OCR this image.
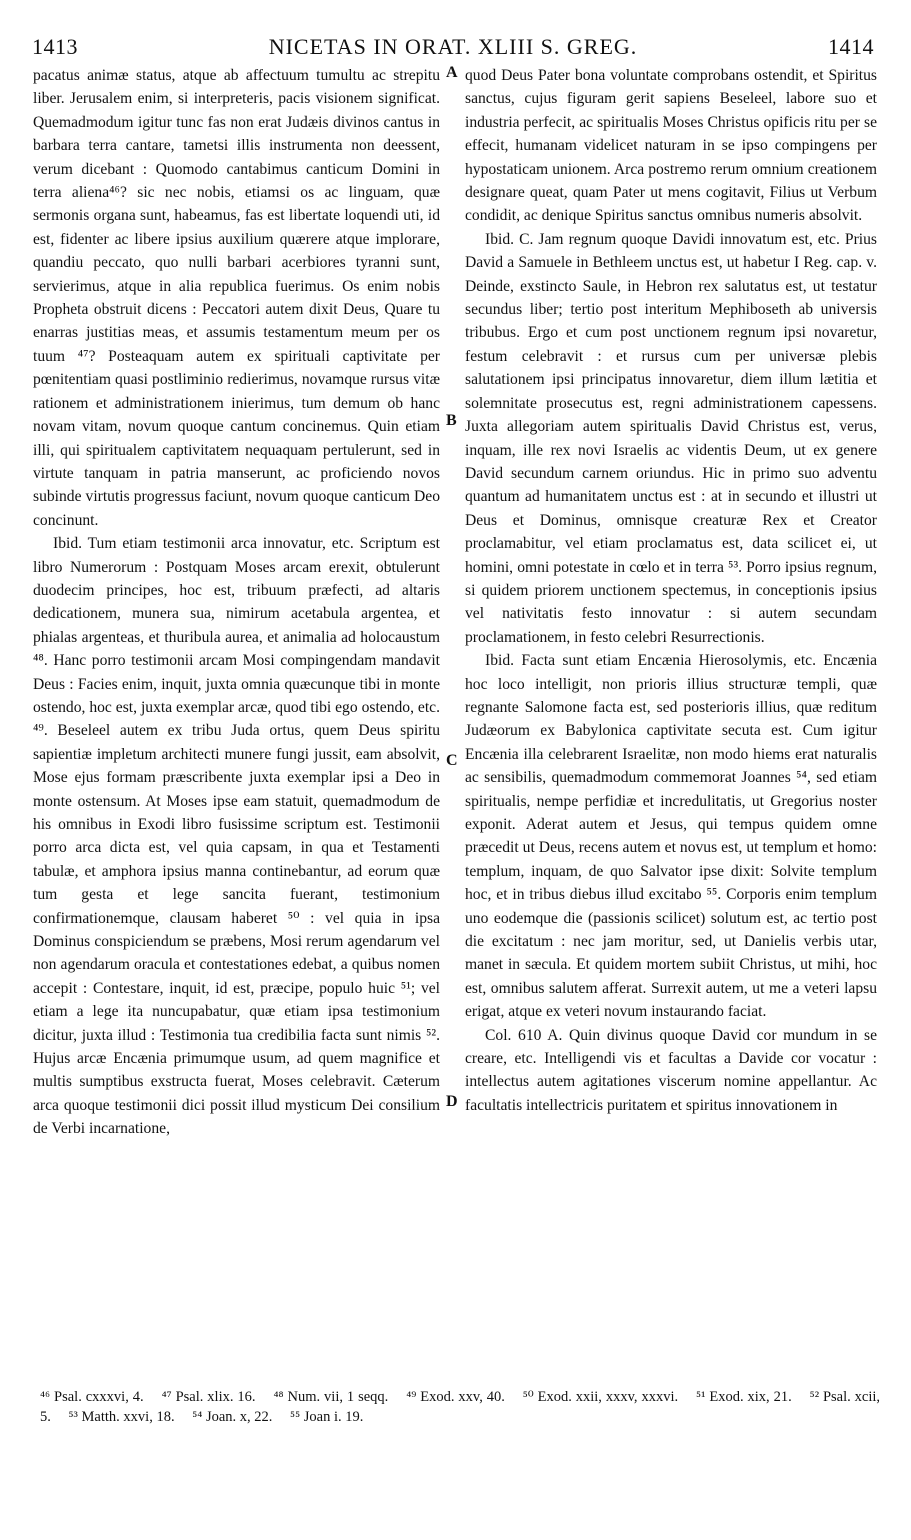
1413	NICETAS IN ORAT. XLIII S. GREG.	1414

pacatus animæ status, atque ab affectuum tumultu ac strepitu liber. Jerusalem enim, si interpreteris, pacis visionem significat. Quemadmodum igitur tunc fas non erat Judæis divinos cantus in barbara terra cantare, tametsi illis instrumenta non deessent, verum dicebant : Quomodo cantabimus canticum Domini in terra aliena⁴⁶? sic nec nobis, etiamsi os ac linguam, quæ sermonis organa sunt, habeamus, fas est libertate loquendi uti, id est, fidenter ac libere ipsius auxilium quærere atque implorare, quandiu peccato, quo nulli barbari acerbiores tyranni sunt, servierimus, atque in alia republica fuerimus. Os enim nobis Propheta obstruit dicens : Peccatori autem dixit Deus, Quare tu enarras justitias meas, et assumis testamentum meum per os tuum ⁴⁷? Posteaquam autem ex spirituali captivitate per pœnitentiam quasi postliminio redierimus, novamque rursus vitæ rationem et administrationem inierimus, tum demum ob hanc novam vitam, novum quoque cantum concinemus. Quin etiam illi, qui spiritualem captivitatem nequaquam pertulerunt, sed in virtute tanquam in patria manserunt, ac proficiendo novos subinde virtutis progressus faciunt, novum quoque canticum Deo concinunt.

Ibid. Tum etiam testimonii arca innovatur, etc. Scriptum est libro Numerorum : Postquam Moses arcam erexit, obtulerunt duodecim principes, hoc est, tribuum præfecti, ad altaris dedicationem, munera sua, nimirum acetabula argentea, et phialas argenteas, et thuribula aurea, et animalia ad holocaustum ⁴⁸. Hanc porro testimonii arcam Mosi compingendam mandavit Deus : Facies enim, inquit, juxta omnia quæcunque tibi in monte ostendo, hoc est, juxta exemplar arcæ, quod tibi ego ostendo, etc. ⁴⁹. Beseleel autem ex tribu Juda ortus, quem Deus spiritu sapientiæ impletum architecti munere fungi jussit, eam absolvit, Mose ejus formam præscribente juxta exemplar ipsi a Deo in monte ostensum. At Moses ipse eam statuit, quemadmodum de his omnibus in Exodi libro fusissime scriptum est. Testimonii porro arca dicta est, vel quia capsam, in qua et Testamenti tabulæ, et amphora ipsius manna continebantur, ad eorum quæ tum gesta et lege sancita fuerant, testimonium confirmationemque, clausam haberet ⁵⁰ : vel quia in ipsa Dominus conspiciendum se præbens, Mosi rerum agendarum vel non agendarum oracula et contestationes edebat, a quibus nomen accepit : Contestare, inquit, id est, præcipe, populo huic ⁵¹; vel etiam a lege ita nuncupabatur, quæ etiam ipsa testimonium dicitur, juxta illud : Testimonia tua credibilia facta sunt nimis ⁵². Hujus arcæ Encænia primumque usum, ad quem magnifice et multis sumptibus exstructa fuerat, Moses celebravit. Cæterum arca quoque testimonii dici possit illud mysticum Dei consilium de Verbi incarnatione,

A
B
C
D

quod Deus Pater bona voluntate comprobans ostendit, et Spiritus sanctus, cujus figuram gerit sapiens Beseleel, labore suo et industria perfecit, ac spiritualis Moses Christus opificis ritu per se effecit, humanam videlicet naturam in se ipso compingens per hypostaticam unionem. Arca postremo rerum omnium creationem designare queat, quam Pater ut mens cogitavit, Filius ut Verbum condidit, ac denique Spiritus sanctus omnibus numeris absolvit.

Ibid. C. Jam regnum quoque Davidi innovatum est, etc. Prius David a Samuele in Bethleem unctus est, ut habetur I Reg. cap. v. Deinde, exstincto Saule, in Hebron rex salutatus est, ut testatur secundus liber; tertio post interitum Mephiboseth ab universis tribubus. Ergo et cum post unctionem regnum ipsi novaretur, festum celebravit : et rursus cum per universæ plebis salutationem ipsi principatus innovaretur, diem illum lætitia et solemnitate prosecutus est, regni administrationem capessens. Juxta allegoriam autem spiritualis David Christus est, verus, inquam, ille rex novi Israelis ac videntis Deum, ut ex genere David secundum carnem oriundus. Hic in primo suo adventu quantum ad humanitatem unctus est : at in secundo et illustri ut Deus et Dominus, omnisque creaturæ Rex et Creator proclamabitur, vel etiam proclamatus est, data scilicet ei, ut homini, omni potestate in cœlo et in terra ⁵³. Porro ipsius regnum, si quidem priorem unctionem spectemus, in conceptionis ipsius vel nativitatis festo innovatur : si autem secundam proclamationem, in festo celebri Resurrectionis.

Ibid. Facta sunt etiam Encænia Hierosolymis, etc. Encænia hoc loco intelligit, non prioris illius structuræ templi, quæ regnante Salomone facta est, sed posterioris illius, quæ reditum Judæorum ex Babylonica captivitate secuta est. Cum igitur Encænia illa celebrarent Israelitæ, non modo hiems erat naturalis ac sensibilis, quemadmodum commemorat Joannes ⁵⁴, sed etiam spiritualis, nempe perfidiæ et incredulitatis, ut Gregorius noster exponit. Aderat autem et Jesus, qui tempus quidem omne præcedit ut Deus, recens autem et novus est, ut templum et homo: templum, inquam, de quo Salvator ipse dixit: Solvite templum hoc, et in tribus diebus illud excitabo ⁵⁵. Corporis enim templum uno eodemque die (passionis scilicet) solutum est, ac tertio post die excitatum : nec jam moritur, sed, ut Danielis verbis utar, manet in sæcula. Et quidem mortem subiit Christus, ut mihi, hoc est, omnibus salutem afferat. Surrexit autem, ut me a veteri lapsu erigat, atque ex veteri novum instaurando faciat.

Col. 610 A. Quin divinus quoque David cor mundum in se creare, etc. Intelligendi vis et facultas a Davide cor vocatur : intellectus autem agitationes viscerum nomine appellantur. Ac facultatis intellectricis puritatem et spiritus innovationem in

⁴⁶ Psal. cxxxvi, 4. ⁴⁷ Psal. xlix. 16. ⁴⁸ Num. vii, 1 seqq. ⁴⁹ Exod. xxv, 40. ⁵⁰ Exod. xxii, xxxv, xxxvi. ⁵¹ Exod. xix, 21. ⁵² Psal. xcii, 5. ⁵³ Matth. xxvi, 18. ⁵⁴ Joan. x, 22. ⁵⁵ Joan i. 19.
